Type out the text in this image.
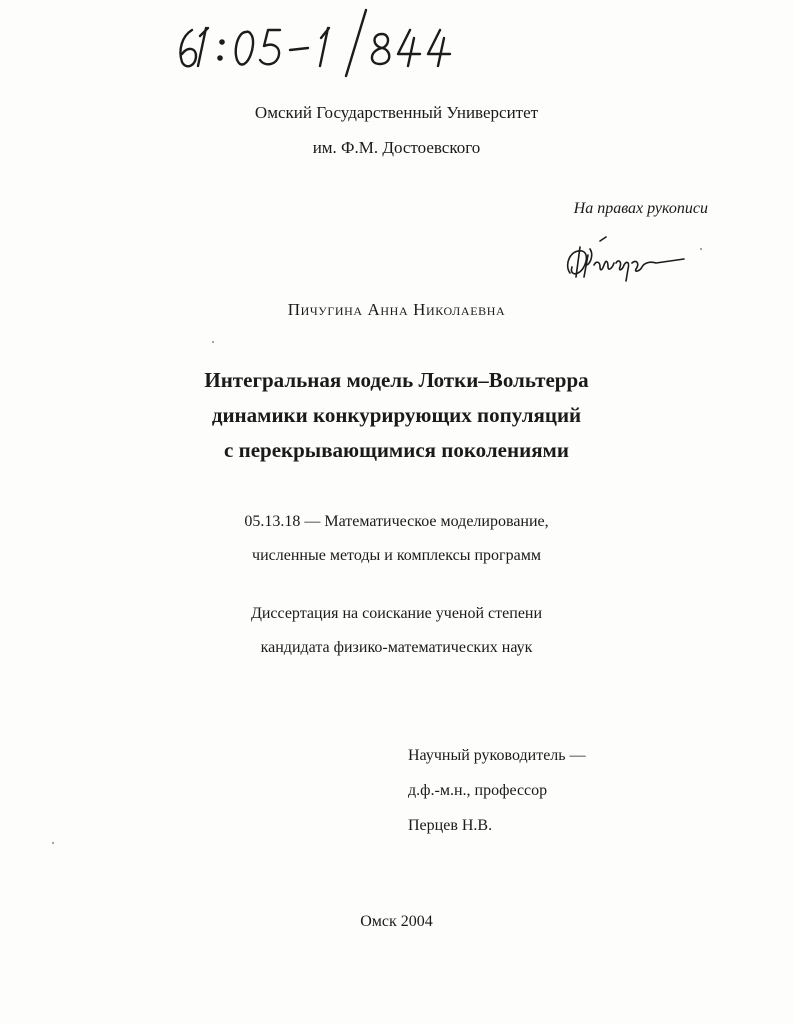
Омский Государственный Университет
им. Ф.М. Достоевского
На правах рукописи
Пичугина Анна Николаевна
Интегральная модель Лотки–Вольтерра
динамики конкурирующих популяций
с перекрывающимися поколениями
05.13.18 — Математическое моделирование,
численные методы и комплексы программ
Диссертация на соискание ученой степени
кандидата физико-математических наук
Научный руководитель —
д.ф.-м.н., профессор
Перцев Н.В.
Омск 2004
